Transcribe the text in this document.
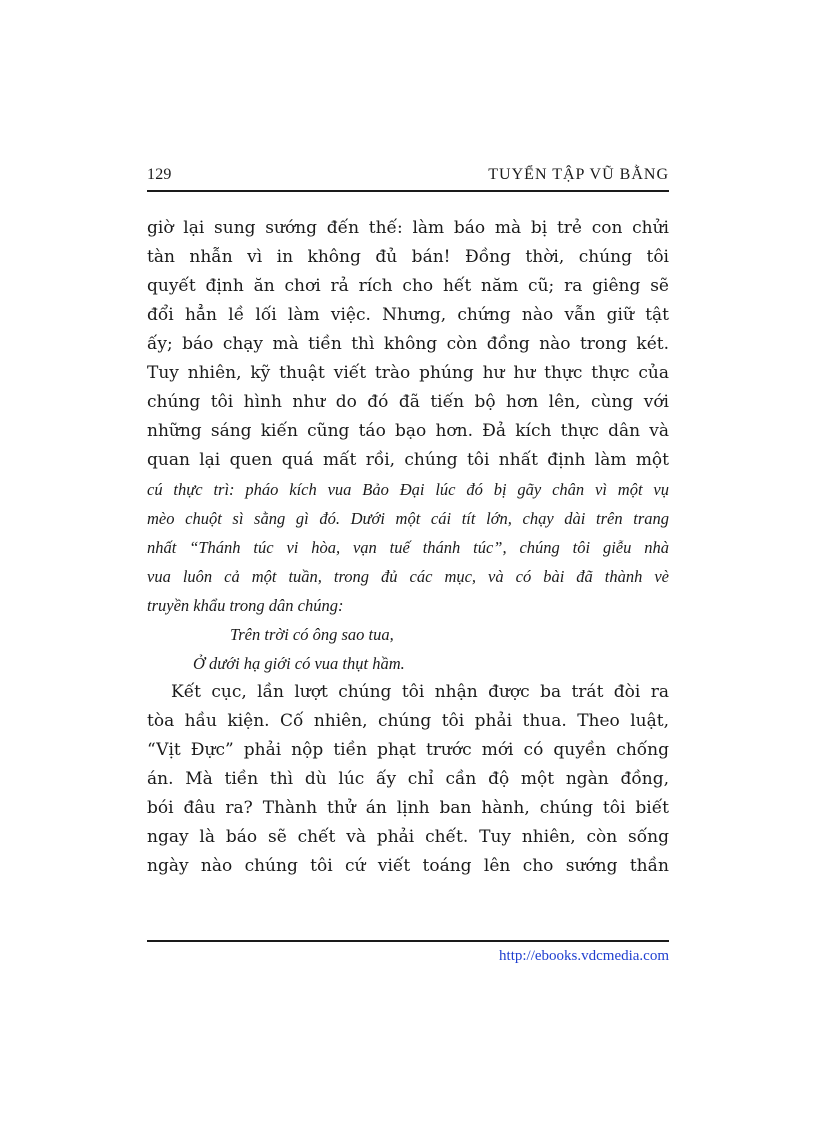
129	TUYỂN TẬP VŨ BẰNG
giờ lại sung sướng đến thế: làm báo mà bị trẻ con chửi
tàn nhẫn vì in không đủ bán! Đồng thời, chúng tôi
quyết định ăn chơi rả rích cho hết năm cũ; ra giêng sẽ
đổi hẳn lề lối làm việc. Nhưng, chứng nào vẫn giữ tật
ấy; báo chạy mà tiền thì không còn đồng nào trong két.
Tuy nhiên, kỹ thuật viết trào phúng hư hư thực thực của
chúng tôi hình như do đó đã tiến bộ hơn lên, cùng với
những sáng kiến cũng táo bạo hơn. Đả kích thực dân và
quan lại quen quá mất rồi, chúng tôi nhất định làm một
cú thực trì: pháo kích vua Bảo Đại lúc đó bị gãy chân vì một vụ
mèo chuột sì sằng gì đó. Dưới một cái tít lớn, chạy dài trên trang
nhất “Thánh túc vi hòa, vạn tuế thánh túc”, chúng tôi giễu nhà
vua luôn cả một tuần, trong đủ các mục, và có bài đã thành vè
truyền khẩu trong dân chúng:
Trên trời có ông sao tua,
Ở dưới hạ giới có vua thụt hầm.
Kết cục, lần lượt chúng tôi nhận được ba trát đòi ra
tòa hầu kiện. Cố nhiên, chúng tôi phải thua. Theo luật,
“Vịt Đực” phải nộp tiền phạt trước mới có quyền chống
án. Mà tiền thì dù lúc ấy chỉ cần độ một ngàn đồng,
bói đâu ra? Thành thử án lịnh ban hành, chúng tôi biết
ngay là báo sẽ chết và phải chết. Tuy nhiên, còn sống
ngày nào chúng tôi cứ viết toáng lên cho sướng thần
http://ebooks.vdcmedia.com
